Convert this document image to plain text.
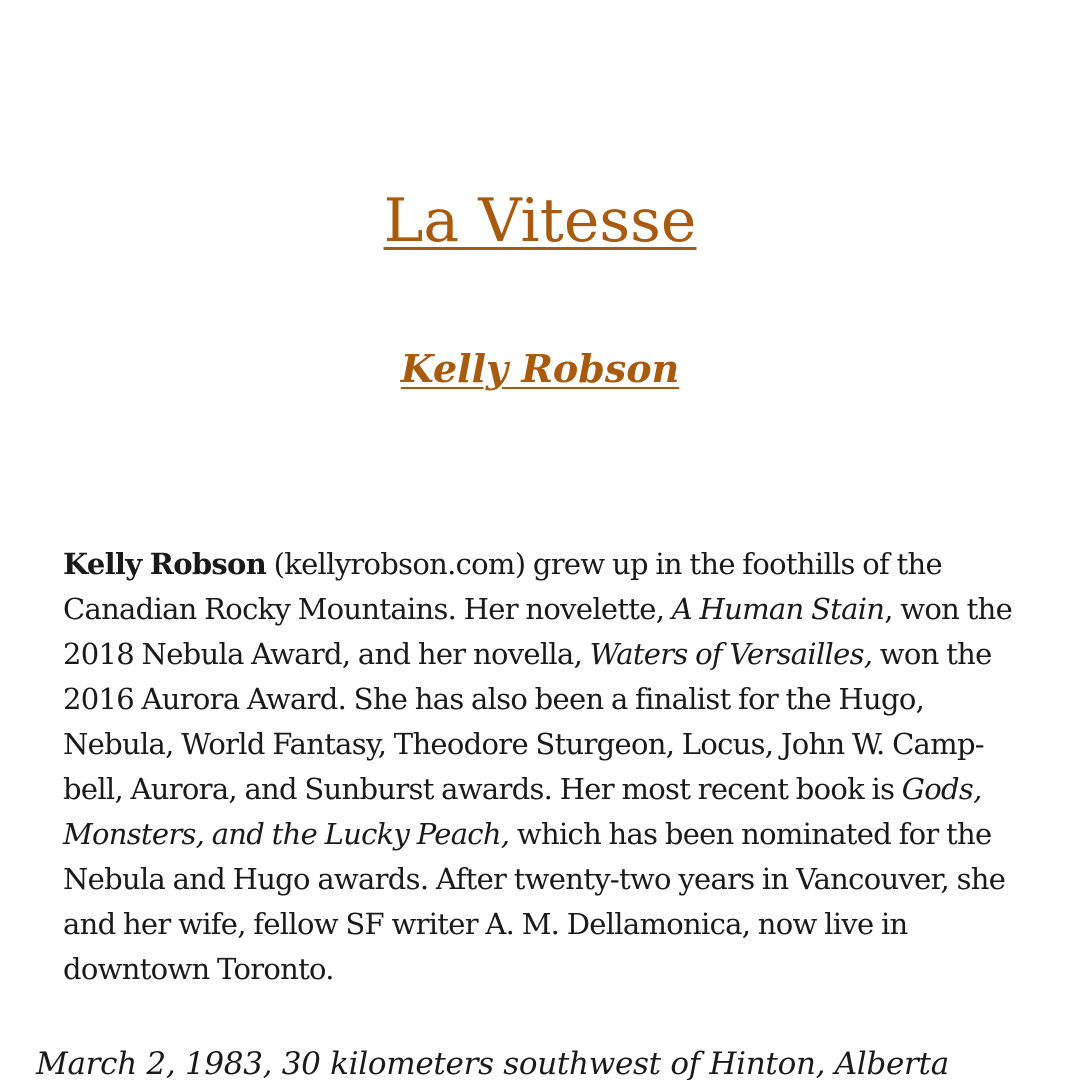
La Vitesse
Kelly Robson

Kelly Robson (kellyrobson.com) grew up in the foothills of the Canadian Rocky Mountains. Her novelette, A Human Stain, won the 2018 Nebula Award, and her novella, Waters of Versailles, won the 2016 Aurora Award. She has also been a finalist for the Hugo, Nebula, World Fantasy, Theodore Sturgeon, Locus, John W. Camp-bell, Aurora, and Sunburst awards. Her most recent book is Gods, Monsters, and the Lucky Peach, which has been nominated for the Nebula and Hugo awards. After twenty-two years in Vancouver, she and her wife, fellow SF writer A. M. Dellamonica, now live in downtown Toronto.

March 2, 1983, 30 kilometers southwest of Hinton, Alberta
